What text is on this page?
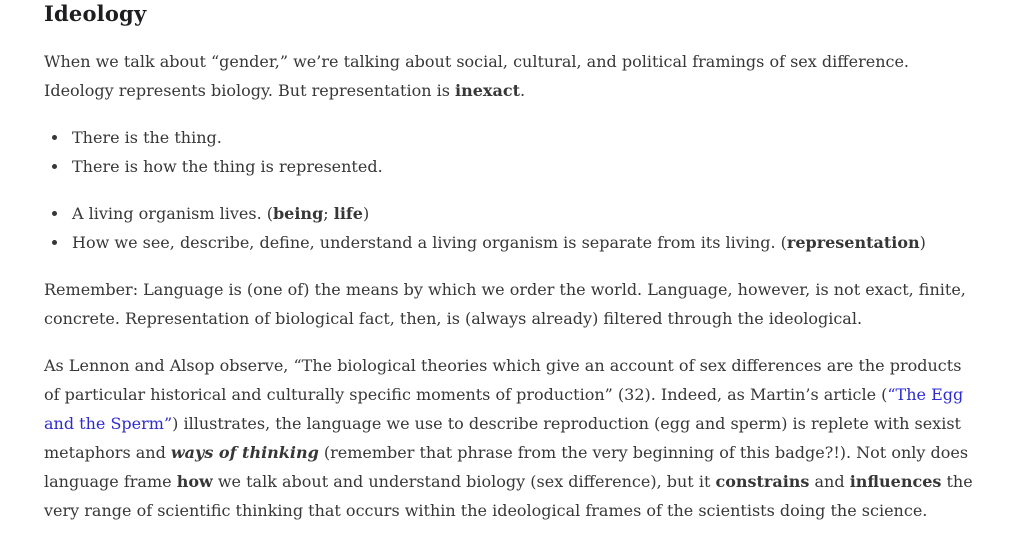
Ideology

When we talk about “gender,” we’re talking about social, cultural, and political framings of sex difference. Ideology represents biology. But representation is inexact.

• There is the thing.
• There is how the thing is represented.
• A living organism lives. (being; life)
• How we see, describe, define, understand a living organism is separate from its living. (representation)

Remember: Language is (one of) the means by which we order the world. Language, however, is not exact, finite, concrete. Representation of biological fact, then, is (always already) filtered through the ideological.

As Lennon and Alsop observe, “The biological theories which give an account of sex differences are the products of particular historical and culturally specific moments of production” (32). Indeed, as Martin’s article (“The Egg and the Sperm”) illustrates, the language we use to describe reproduction (egg and sperm) is replete with sexist metaphors and ways of thinking (remember that phrase from the very beginning of this badge?!). Not only does language frame how we talk about and understand biology (sex difference), but it constrains and influences the very range of scientific thinking that occurs within the ideological frames of the scientists doing the science.
